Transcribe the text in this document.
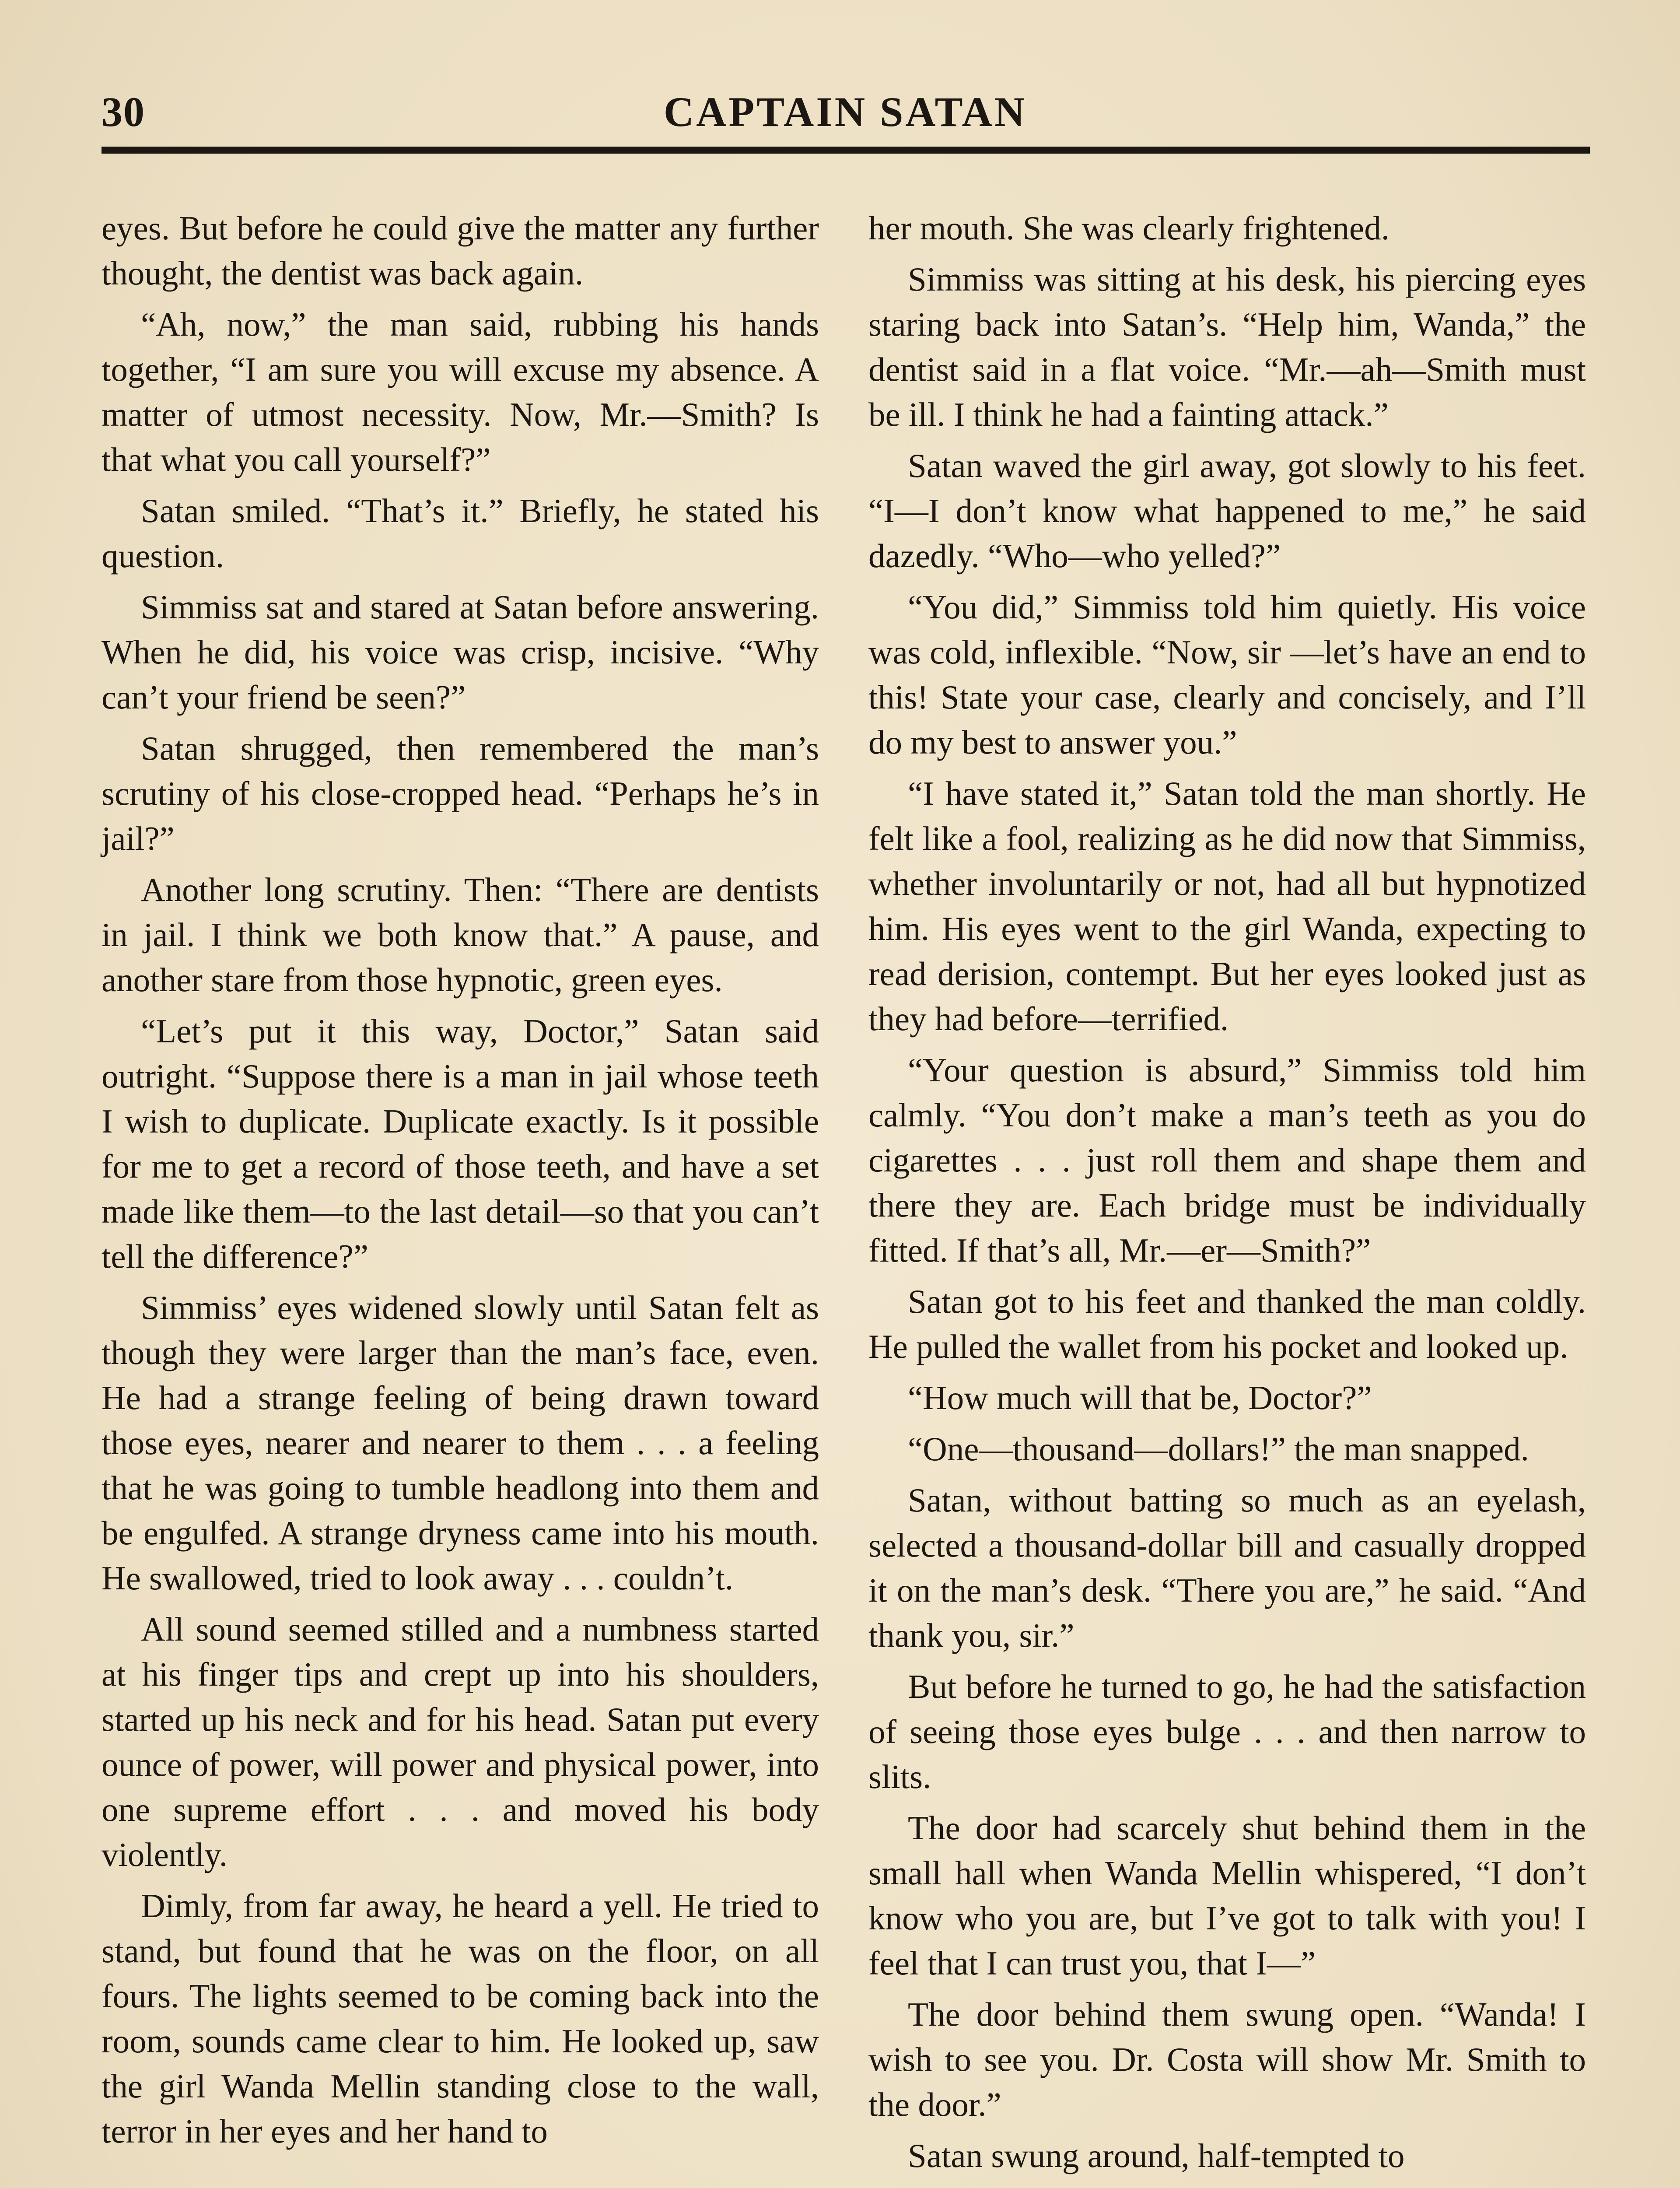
30	CAPTAIN SATAN

eyes. But before he could give the matter any further thought, the dentist was back again.

“Ah, now,” the man said, rubbing his hands together, “I am sure you will excuse my absence. A matter of utmost necessity. Now, Mr.—Smith? Is that what you call yourself?”

Satan smiled. “That’s it.” Briefly, he stated his question.

Simmiss sat and stared at Satan before answering. When he did, his voice was crisp, incisive. “Why can’t your friend be seen?”

Satan shrugged, then remembered the man’s scrutiny of his close-cropped head. “Perhaps he’s in jail?”

Another long scrutiny. Then: “There are dentists in jail. I think we both know that.” A pause, and another stare from those hypnotic, green eyes.

“Let’s put it this way, Doctor,” Satan said outright. “Suppose there is a man in jail whose teeth I wish to duplicate. Duplicate exactly. Is it possible for me to get a record of those teeth, and have a set made like them—to the last detail—so that you can’t tell the difference?”

Simmiss’ eyes widened slowly until Satan felt as though they were larger than the man’s face, even. He had a strange feeling of being drawn toward those eyes, nearer and nearer to them . . . a feeling that he was going to tumble headlong into them and be engulfed. A strange dryness came into his mouth. He swallowed, tried to look away . . . couldn’t.

All sound seemed stilled and a numbness started at his finger tips and crept up into his shoulders, started up his neck and for his head. Satan put every ounce of power, will power and physical power, into one supreme effort . . . and moved his body violently.

Dimly, from far away, he heard a yell. He tried to stand, but found that he was on the floor, on all fours. The lights seemed to be coming back into the room, sounds came clear to him. He looked up, saw the girl Wanda Mellin standing close to the wall, terror in her eyes and her hand to

her mouth. She was clearly frightened.

Simmiss was sitting at his desk, his piercing eyes staring back into Satan’s. “Help him, Wanda,” the dentist said in a flat voice. “Mr.—ah—Smith must be ill. I think he had a fainting attack.”

Satan waved the girl away, got slowly to his feet. “I—I don’t know what happened to me,” he said dazedly. “Who—who yelled?”

“You did,” Simmiss told him quietly. His voice was cold, inflexible. “Now, sir —let’s have an end to this! State your case, clearly and concisely, and I’ll do my best to answer you.”

“I have stated it,” Satan told the man shortly. He felt like a fool, realizing as he did now that Simmiss, whether involuntarily or not, had all but hypnotized him. His eyes went to the girl Wanda, expecting to read derision, contempt. But her eyes looked just as they had before—terrified.

“Your question is absurd,” Simmiss told him calmly. “You don’t make a man’s teeth as you do cigarettes . . . just roll them and shape them and there they are. Each bridge must be individually fitted. If that’s all, Mr.—er—Smith?”

Satan got to his feet and thanked the man coldly. He pulled the wallet from his pocket and looked up.

“How much will that be, Doctor?”

“One—thousand—dollars!” the man snapped.

Satan, without batting so much as an eyelash, selected a thousand-dollar bill and casually dropped it on the man’s desk. “There you are,” he said. “And thank you, sir.”

But before he turned to go, he had the satisfaction of seeing those eyes bulge . . . and then narrow to slits.

The door had scarcely shut behind them in the small hall when Wanda Mellin whispered, “I don’t know who you are, but I’ve got to talk with you! I feel that I can trust you, that I—”

The door behind them swung open. “Wanda! I wish to see you. Dr. Costa will show Mr. Smith to the door.”

Satan swung around, half-tempted to
